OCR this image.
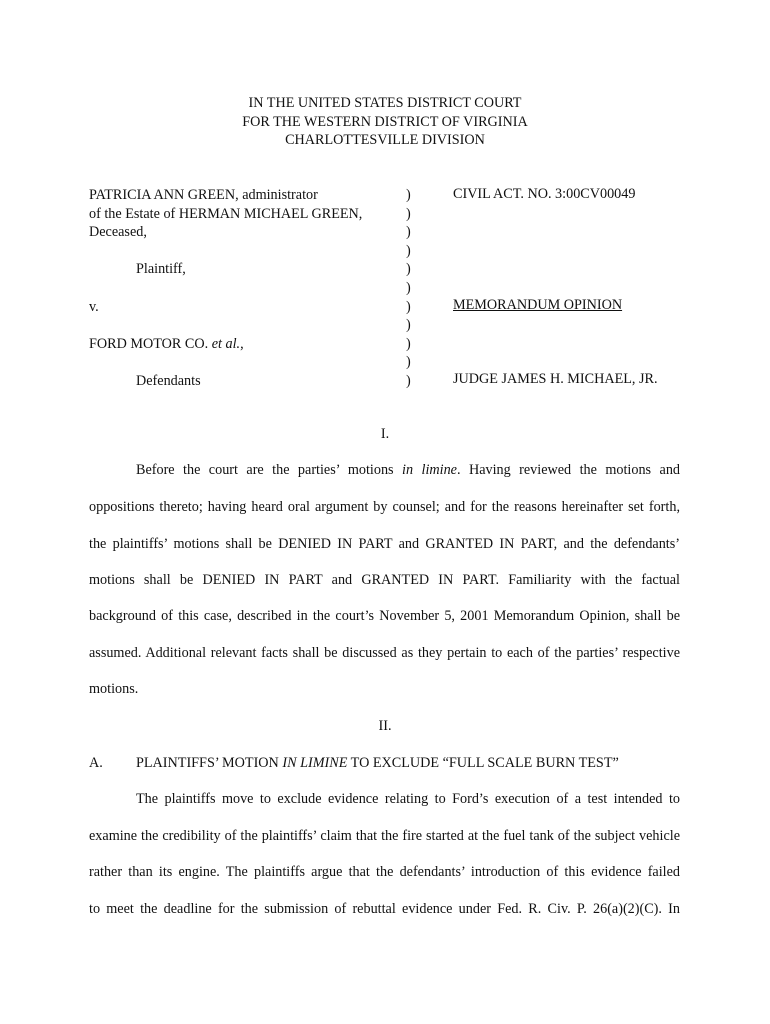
IN THE UNITED STATES DISTRICT COURT
FOR THE WESTERN DISTRICT OF VIRGINIA
CHARLOTTESVILLE DIVISION
PATRICIA ANN GREEN, administrator
of the Estate of HERMAN MICHAEL GREEN,
Deceased,
Plaintiff,
v.
FORD MOTOR CO. et al.,
Defendants
)
)
)
)
)
)
)
)
)
)
)
CIVIL ACT. NO. 3:00CV00049
MEMORANDUM OPINION
JUDGE JAMES H. MICHAEL, JR.
I.
Before the court are the parties’ motions in limine. Having reviewed the motions and
oppositions thereto; having heard oral argument by counsel; and for the reasons hereinafter set forth,
the plaintiffs’ motions shall be DENIED IN PART and GRANTED IN PART, and the defendants’
motions shall be DENIED IN PART and GRANTED IN PART. Familiarity with the factual
background of this case, described in the court’s November 5, 2001 Memorandum Opinion, shall be
assumed. Additional relevant facts shall be discussed as they pertain to each of the parties’ respective
motions.
II.
A. PLAINTIFFS’ MOTION IN LIMINE TO EXCLUDE “FULL SCALE BURN TEST”
The plaintiffs move to exclude evidence relating to Ford’s execution of a test intended to
examine the credibility of the plaintiffs’ claim that the fire started at the fuel tank of the subject vehicle
rather than its engine. The plaintiffs argue that the defendants’ introduction of this evidence failed
to meet the deadline for the submission of rebuttal evidence under Fed. R. Civ. P. 26(a)(2)(C). In
